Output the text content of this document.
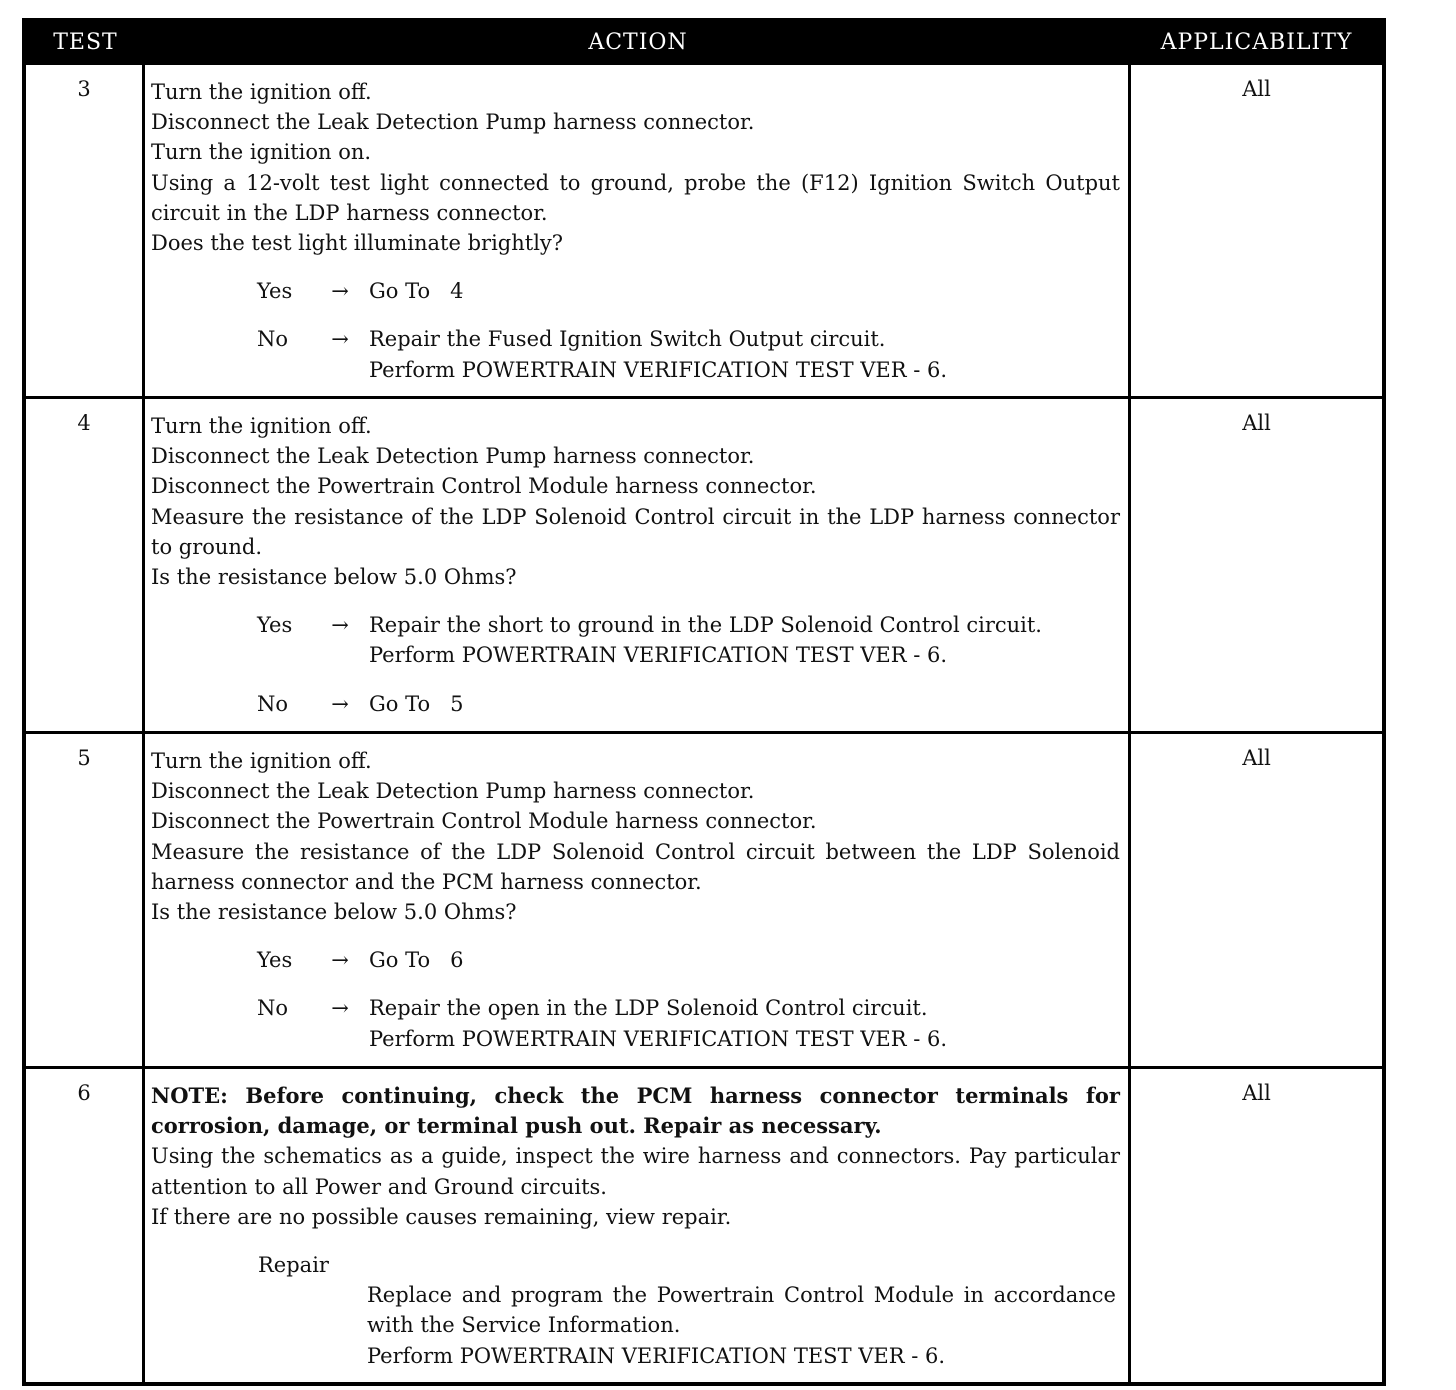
TEST	ACTION	APPLICABILITY
3	Turn the ignition off.
Disconnect the Leak Detection Pump harness connector.
Turn the ignition on.
Using a 12-volt test light connected to ground, probe the (F12) Ignition Switch Output circuit in the LDP harness connector.
Does the test light illuminate brightly?
Yes	→ Go To   4
No	→ Repair the Fused Ignition Switch Output circuit.
Perform POWERTRAIN VERIFICATION TEST VER - 6.
All
4	Turn the ignition off.
Disconnect the Leak Detection Pump harness connector.
Disconnect the Powertrain Control Module harness connector.
Measure the resistance of the LDP Solenoid Control circuit in the LDP harness connector to ground.
Is the resistance below 5.0 Ohms?
Yes	→ Repair the short to ground in the LDP Solenoid Control circuit.
Perform POWERTRAIN VERIFICATION TEST VER - 6.
No	→ Go To   5
All
5	Turn the ignition off.
Disconnect the Leak Detection Pump harness connector.
Disconnect the Powertrain Control Module harness connector.
Measure the resistance of the LDP Solenoid Control circuit between the LDP Solenoid harness connector and the PCM harness connector.
Is the resistance below 5.0 Ohms?
Yes	→ Go To   6
No	→ Repair the open in the LDP Solenoid Control circuit.
Perform POWERTRAIN VERIFICATION TEST VER - 6.
All
6	NOTE: Before continuing, check the PCM harness connector terminals for corrosion, damage, or terminal push out. Repair as necessary.
Using the schematics as a guide, inspect the wire harness and connectors. Pay particular attention to all Power and Ground circuits.
If there are no possible causes remaining, view repair.
Repair
Replace and program the Powertrain Control Module in accordance with the Service Information.
Perform POWERTRAIN VERIFICATION TEST VER - 6.
All
